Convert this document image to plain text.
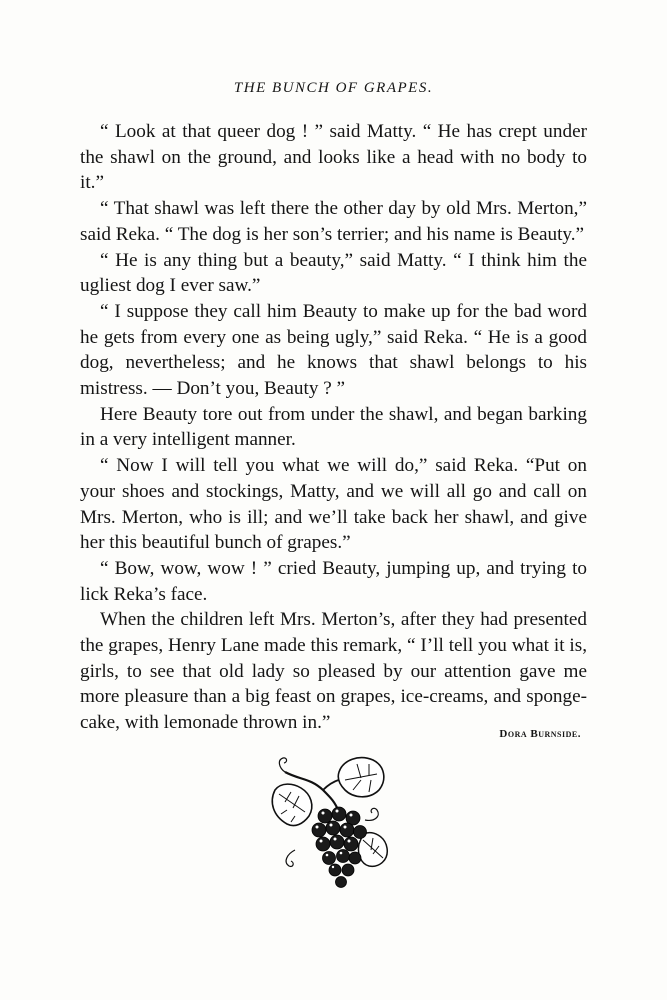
THE BUNCH OF GRAPES.

“ Look at that queer dog ! ” said Matty. “ He has crept under the shawl on the ground, and looks like a head with no body to it.”

“ That shawl was left there the other day by old Mrs. Merton,” said Reka. “ The dog is her son’s terrier; and his name is Beauty.”

“ He is any thing but a beauty,” said Matty. “ I think him the ugliest dog I ever saw.”

“ I suppose they call him Beauty to make up for the bad word he gets from every one as being ugly,” said Reka. “ He is a good dog, nevertheless; and he knows that shawl belongs to his mistress. — Don’t you, Beauty ? ”

Here Beauty tore out from under the shawl, and began barking in a very intelligent manner.

“ Now I will tell you what we will do,” said Reka. “Put on your shoes and stockings, Matty, and we will all go and call on Mrs. Merton, who is ill; and we’ll take back her shawl, and give her this beautiful bunch of grapes.”

“ Bow, wow, wow ! ” cried Beauty, jumping up, and trying to lick Reka’s face.

When the children left Mrs. Merton’s, after they had presented the grapes, Henry Lane made this remark, “ I’ll tell you what it is, girls, to see that old lady so pleased by our attention gave me more pleasure than a big feast on grapes, ice-creams, and sponge-cake, with lemonade thrown in.”

Dora Burnside.
